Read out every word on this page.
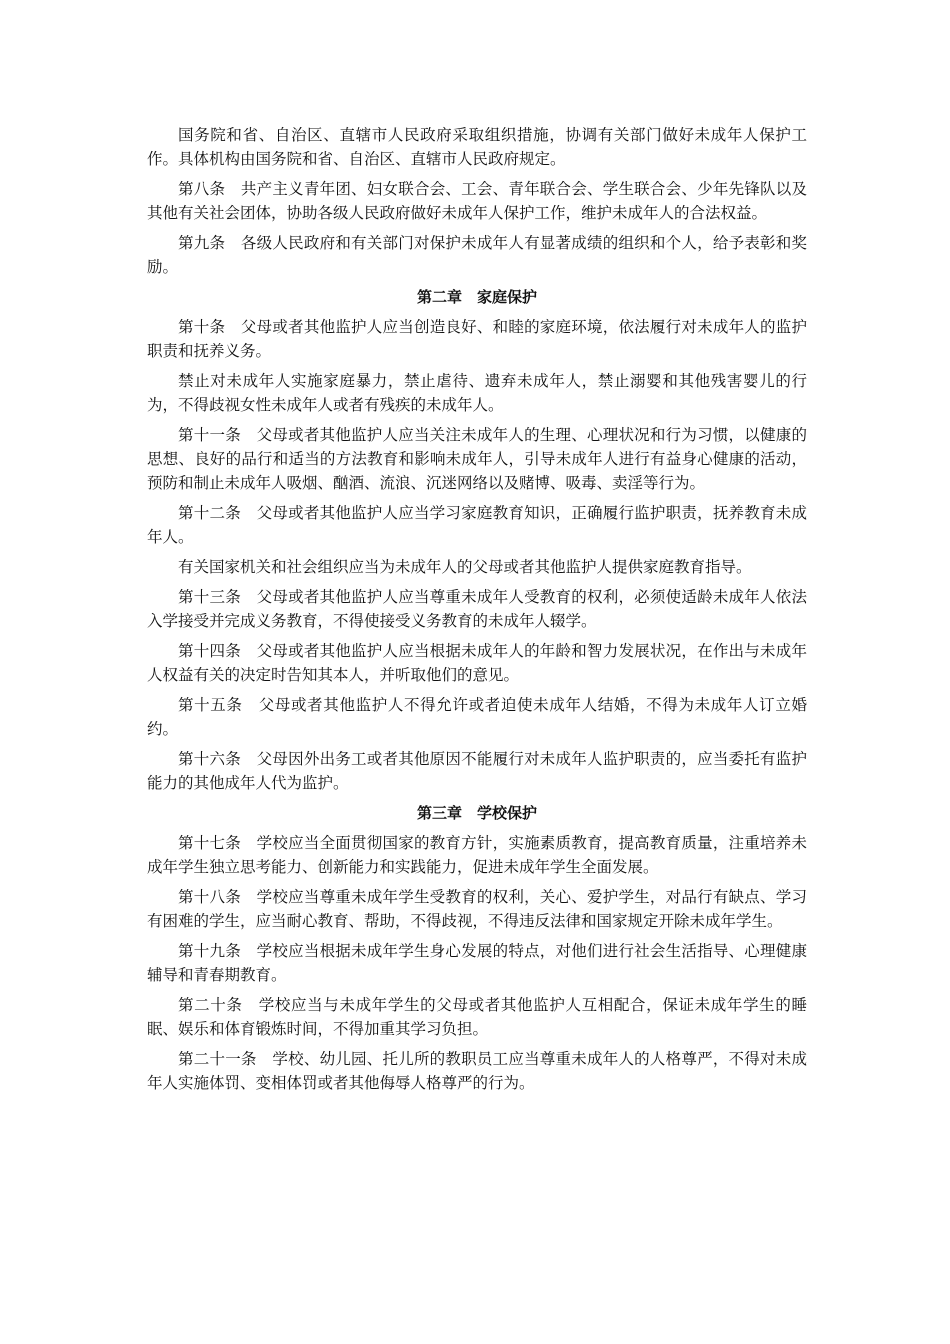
国务院和省、自治区、直辖市人民政府采取组织措施，协调有关部门做好未成年人保护工作。具体机构由国务院和省、自治区、直辖市人民政府规定。

第八条 共产主义青年团、妇女联合会、工会、青年联合会、学生联合会、少年先锋队以及其他有关社会团体，协助各级人民政府做好未成年人保护工作，维护未成年人的合法权益。

第九条 各级人民政府和有关部门对保护未成年人有显著成绩的组织和个人，给予表彰和奖励。

第二章　家庭保护

第十条 父母或者其他监护人应当创造良好、和睦的家庭环境，依法履行对未成年人的监护职责和抚养义务。

禁止对未成年人实施家庭暴力，禁止虐待、遗弃未成年人，禁止溺婴和其他残害婴儿的行为，不得歧视女性未成年人或者有残疾的未成年人。

第十一条 父母或者其他监护人应当关注未成年人的生理、心理状况和行为习惯，以健康的思想、良好的品行和适当的方法教育和影响未成年人，引导未成年人进行有益身心健康的活动，预防和制止未成年人吸烟、酗酒、流浪、沉迷网络以及赌博、吸毒、卖淫等行为。

第十二条 父母或者其他监护人应当学习家庭教育知识，正确履行监护职责，抚养教育未成年人。

有关国家机关和社会组织应当为未成年人的父母或者其他监护人提供家庭教育指导。

第十三条 父母或者其他监护人应当尊重未成年人受教育的权利，必须使适龄未成年人依法入学接受并完成义务教育，不得使接受义务教育的未成年人辍学。

第十四条 父母或者其他监护人应当根据未成年人的年龄和智力发展状况，在作出与未成年人权益有关的决定时告知其本人，并听取他们的意见。

第十五条 父母或者其他监护人不得允许或者迫使未成年人结婚，不得为未成年人订立婚约。

第十六条 父母因外出务工或者其他原因不能履行对未成年人监护职责的，应当委托有监护能力的其他成年人代为监护。

第三章　学校保护

第十七条 学校应当全面贯彻国家的教育方针，实施素质教育，提高教育质量，注重培养未成年学生独立思考能力、创新能力和实践能力，促进未成年学生全面发展。

第十八条 学校应当尊重未成年学生受教育的权利，关心、爱护学生，对品行有缺点、学习有困难的学生，应当耐心教育、帮助，不得歧视，不得违反法律和国家规定开除未成年学生。

第十九条 学校应当根据未成年学生身心发展的特点，对他们进行社会生活指导、心理健康辅导和青春期教育。

第二十条 学校应当与未成年学生的父母或者其他监护人互相配合，保证未成年学生的睡眠、娱乐和体育锻炼时间，不得加重其学习负担。

第二十一条 学校、幼儿园、托儿所的教职员工应当尊重未成年人的人格尊严，不得对未成年人实施体罚、变相体罚或者其他侮辱人格尊严的行为。
